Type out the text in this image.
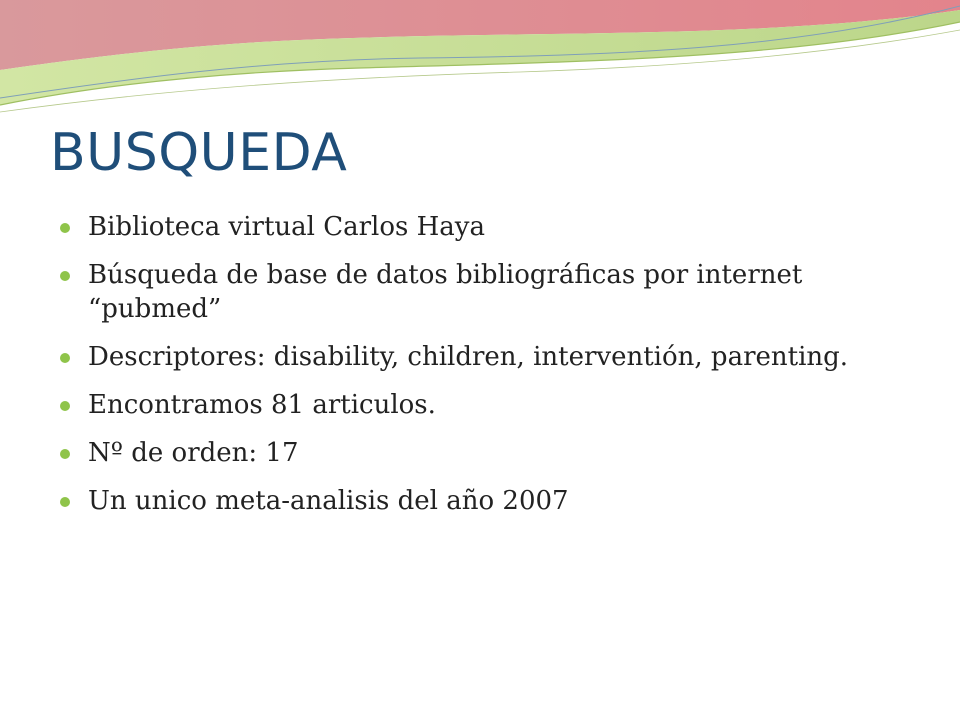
BUSQUEDA
Biblioteca virtual Carlos Haya
Búsqueda de base de datos bibliográficas por internet “pubmed”
Descriptores: disability, children, interventión, parenting.
Encontramos 81 articulos.
Nº de orden: 17
Un unico meta-analisis del año 2007
